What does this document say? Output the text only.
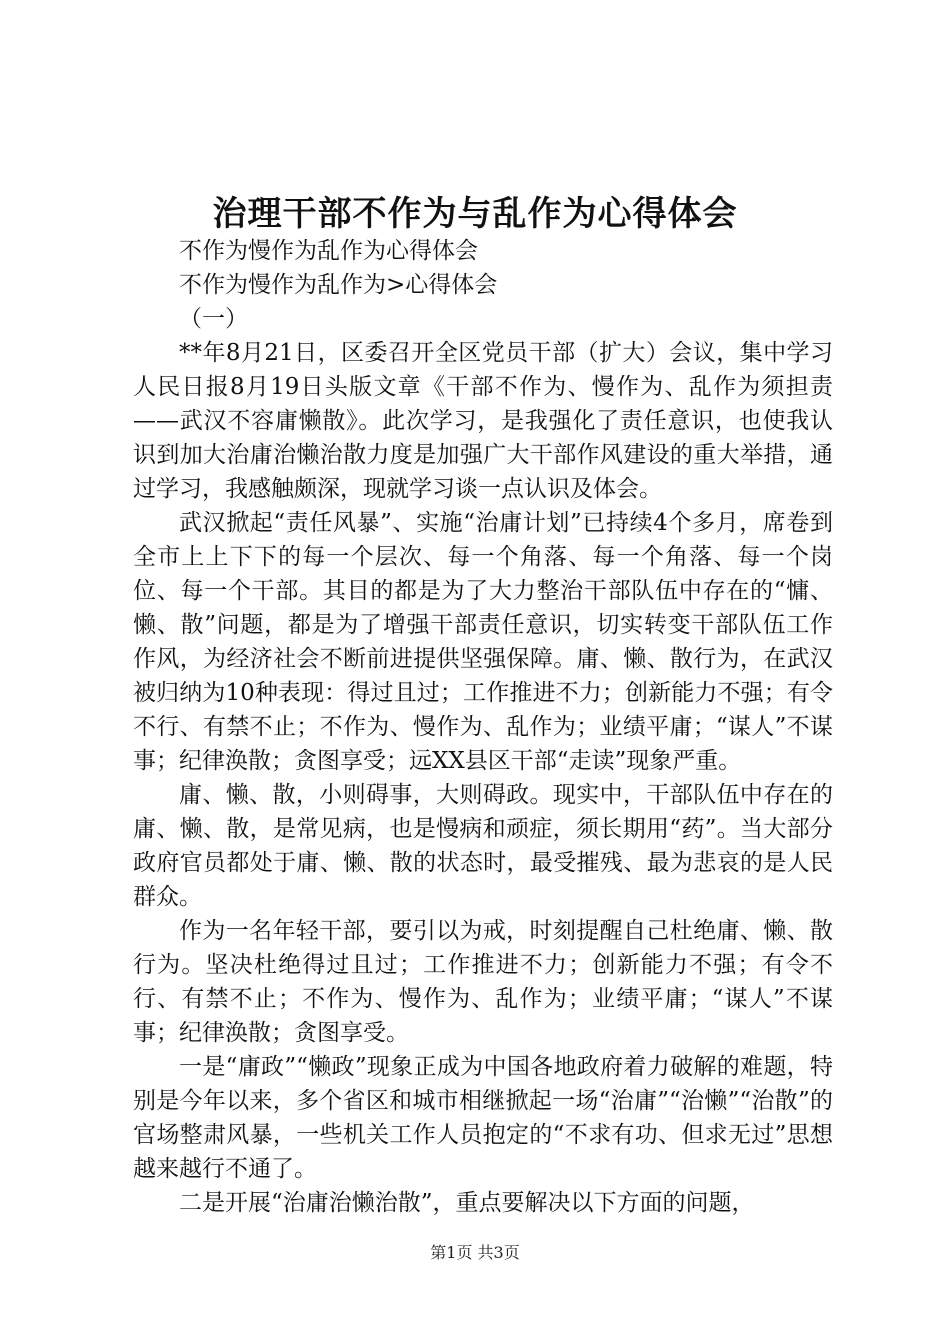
治理干部不作为与乱作为心得体会

不作为慢作为乱作为心得体会

不作为慢作为乱作为>心得体会

（一）

**年8月21日，区委召开全区党员干部（扩大）会议，集中学习人民日报8月19日头版文章《干部不作为、慢作为、乱作为须担责——武汉不容庸懒散》。此次学习，是我强化了责任意识，也使我认识到加大治庸治懒治散力度是加强广大干部作风建设的重大举措，通过学习，我感触颇深，现就学习谈一点认识及体会。

武汉掀起“责任风暴”、实施“治庸计划”已持续4个多月，席卷到全市上上下下的每一个层次、每一个角落、每一个角落、每一个岗位、每一个干部。其目的都是为了大力整治干部队伍中存在的“慵、懒、散”问题，都是为了增强干部责任意识，切实转变干部队伍工作作风，为经济社会不断前进提供坚强保障。庸、懒、散行为，在武汉被归纳为10种表现：得过且过；工作推进不力；创新能力不强；有令不行、有禁不止；不作为、慢作为、乱作为；业绩平庸；“谋人”不谋事；纪律涣散；贪图享受；远XX县区干部“走读”现象严重。

庸、懒、散，小则碍事，大则碍政。现实中，干部队伍中存在的庸、懒、散，是常见病，也是慢病和顽症，须长期用“药”。当大部分政府官员都处于庸、懒、散的状态时，最受摧残、最为悲哀的是人民群众。

作为一名年轻干部，要引以为戒，时刻提醒自己杜绝庸、懒、散行为。坚决杜绝得过且过；工作推进不力；创新能力不强；有令不行、有禁不止；不作为、慢作为、乱作为；业绩平庸；“谋人”不谋事；纪律涣散；贪图享受。

一是“庸政”“懒政”现象正成为中国各地政府着力破解的难题，特别是今年以来，多个省区和城市相继掀起一场“治庸”“治懒”“治散”的官场整肃风暴，一些机关工作人员抱定的“不求有功、但求无过”思想越来越行不通了。

二是开展“治庸治懒治散”，重点要解决以下方面的问题，

第1页 共3页
